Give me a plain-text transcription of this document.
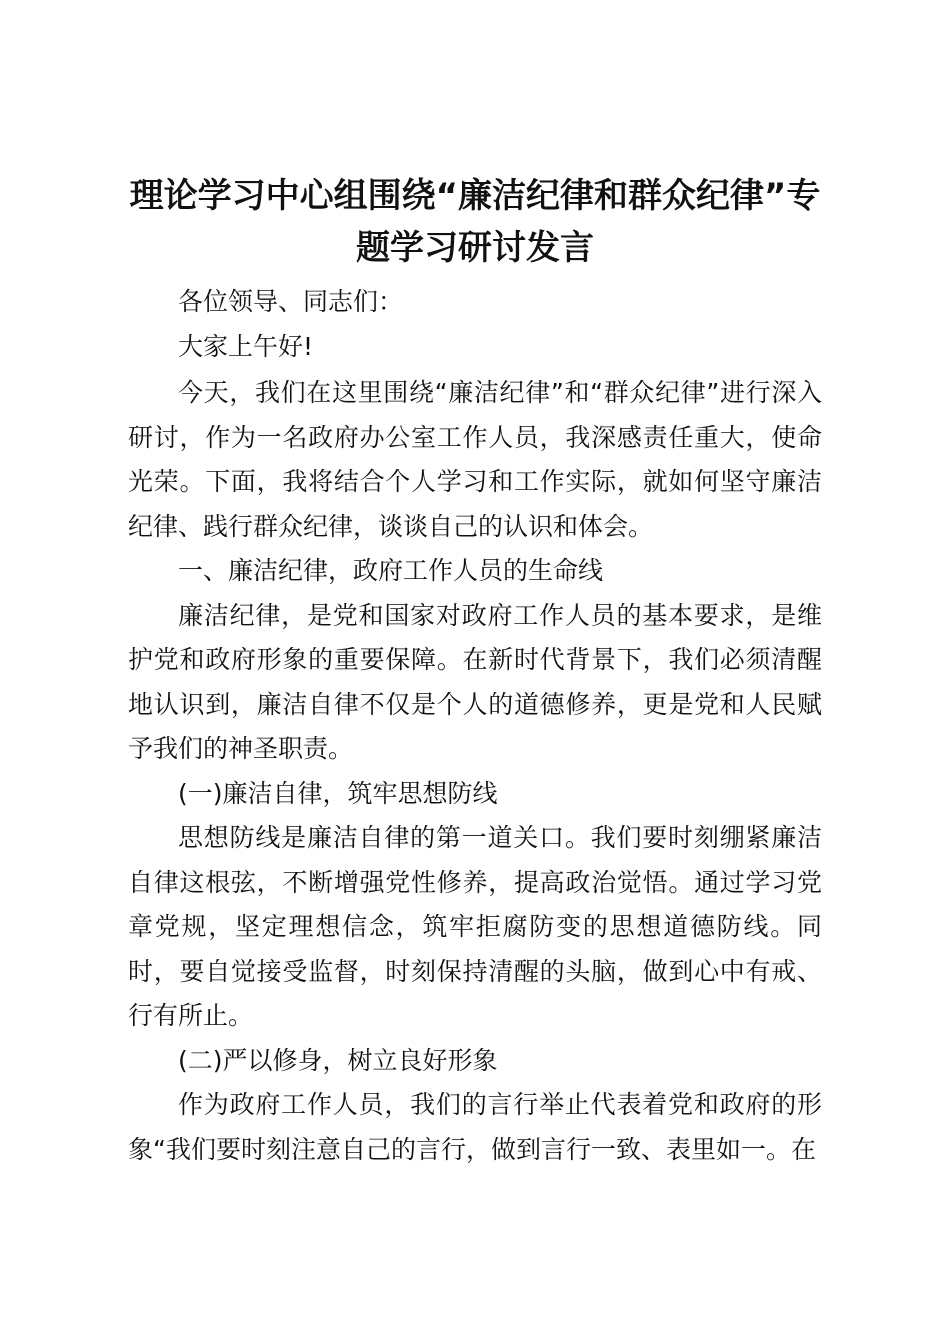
理论学习中心组围绕“廉洁纪律和群众纪律”专题学习研讨发言

各位领导、同志们：

大家上午好!

今天，我们在这里围绕“廉洁纪律”和“群众纪律”进行深入研讨，作为一名政府办公室工作人员，我深感责任重大，使命光荣。下面，我将结合个人学习和工作实际，就如何坚守廉洁纪律、践行群众纪律，谈谈自己的认识和体会。

一、廉洁纪律，政府工作人员的生命线

廉洁纪律，是党和国家对政府工作人员的基本要求，是维护党和政府形象的重要保障。在新时代背景下，我们必须清醒地认识到，廉洁自律不仅是个人的道德修养，更是党和人民赋予我们的神圣职责。

(一)廉洁自律，筑牢思想防线

思想防线是廉洁自律的第一道关口。我们要时刻绷紧廉洁自律这根弦，不断增强党性修养，提高政治觉悟。通过学习党章党规，坚定理想信念，筑牢拒腐防变的思想道德防线。同时，要自觉接受监督，时刻保持清醒的头脑，做到心中有戒、行有所止。

(二)严以修身，树立良好形象

作为政府工作人员，我们的言行举止代表着党和政府的形象“我们要时刻注意自己的言行，做到言行一致、表里如一。在
